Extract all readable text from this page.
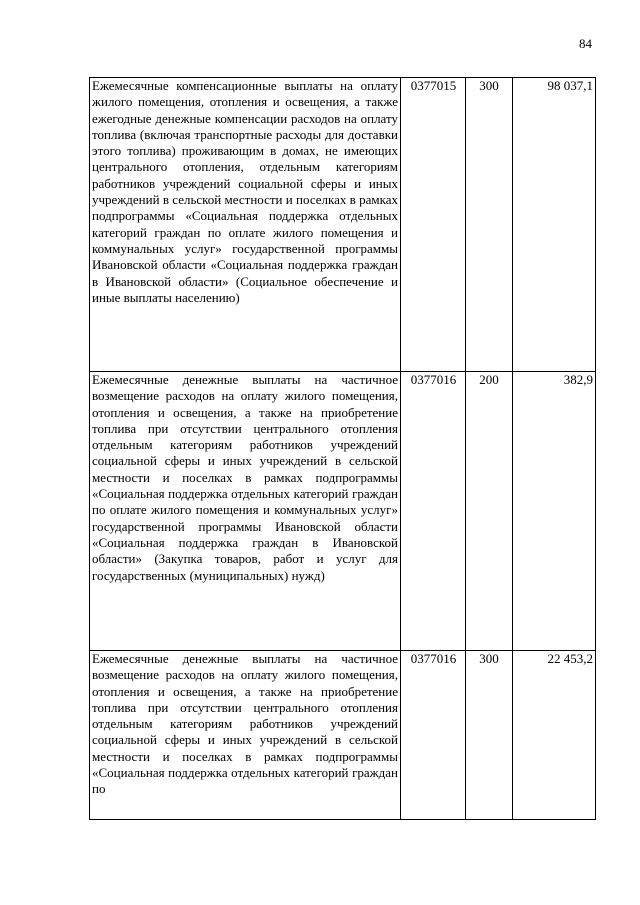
84
Ежемесячные компенсационные выплаты на оплату жилого помещения, отопления и освещения, а также ежегодные денежные компенсации расходов на оплату топлива (включая транспортные расходы для доставки этого топлива) проживающим в домах, не имеющих центрального отопления, отдельным категориям работников учреждений социальной сферы и иных учреждений в сельской местности и поселках в рамках подпрограммы «Социальная поддержка отдельных категорий граждан по оплате жилого помещения и коммунальных услуг» государственной программы Ивановской области «Социальная поддержка граждан в Ивановской области» (Социальное обеспечение и иные выплаты населению)	0377015	300	98 037,1

Ежемесячные денежные выплаты на частичное возмещение расходов на оплату жилого помещения, отопления и освещения, а также на приобретение топлива при отсутствии центрального отопления отдельным категориям работников учреждений социальной сферы и иных учреждений в сельской местности и поселках в рамках подпрограммы «Социальная поддержка отдельных категорий граждан по оплате жилого помещения и коммунальных услуг» государственной программы Ивановской области «Социальная поддержка граждан в Ивановской области» (Закупка товаров, работ и услуг для государственных (муниципальных) нужд)	0377016	200	382,9

Ежемесячные денежные выплаты на частичное возмещение расходов на оплату жилого помещения, отопления и освещения, а также на приобретение топлива при отсутствии центрального отопления отдельным категориям работников учреждений социальной сферы и иных учреждений в сельской местности и поселках в рамках подпрограммы «Социальная поддержка отдельных категорий граждан по	0377016	300	22 453,2
